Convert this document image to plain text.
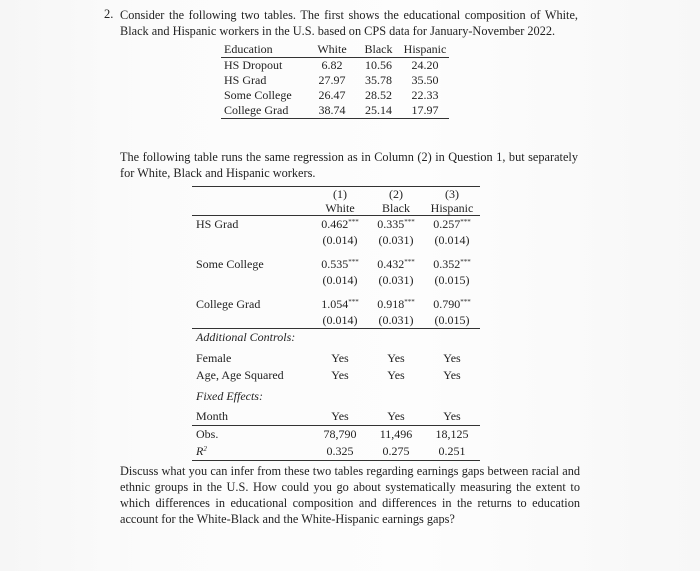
2. Consider the following two tables. The first shows the educational composition of White, Black and Hispanic workers in the U.S. based on CPS data for January-November 2022.
Education	White	Black	Hispanic
HS Dropout	6.82	10.56	24.20
HS Grad	27.97	35.78	35.50
Some College	26.47	28.52	22.33
College Grad	38.74	25.14	17.97
The following table runs the same regression as in Column (2) in Question 1, but separately for White, Black and Hispanic workers.
	(1)	(2)	(3)
	White	Black	Hispanic
HS Grad	0.462***	0.335***	0.257***
	(0.014)	(0.031)	(0.014)

Some College	0.535***	0.432***	0.352***
	(0.014)	(0.031)	(0.015)

College Grad	1.054***	0.918***	0.790***
	(0.014)	(0.031)	(0.015)
Additional Controls:			

Female	Yes	Yes	Yes
Age, Age Squared	Yes	Yes	Yes

Fixed Effects:			

Month	Yes	Yes	Yes
Obs.	78,790	11,496	18,125
$R^2$	0.325	0.275	0.251
Discuss what you can infer from these two tables regarding earnings gaps between racial and ethnic groups in the U.S. How could you go about systematically measuring the extent to which differences in educational composition and differences in the returns to education account for the White-Black and the White-Hispanic earnings gaps?
